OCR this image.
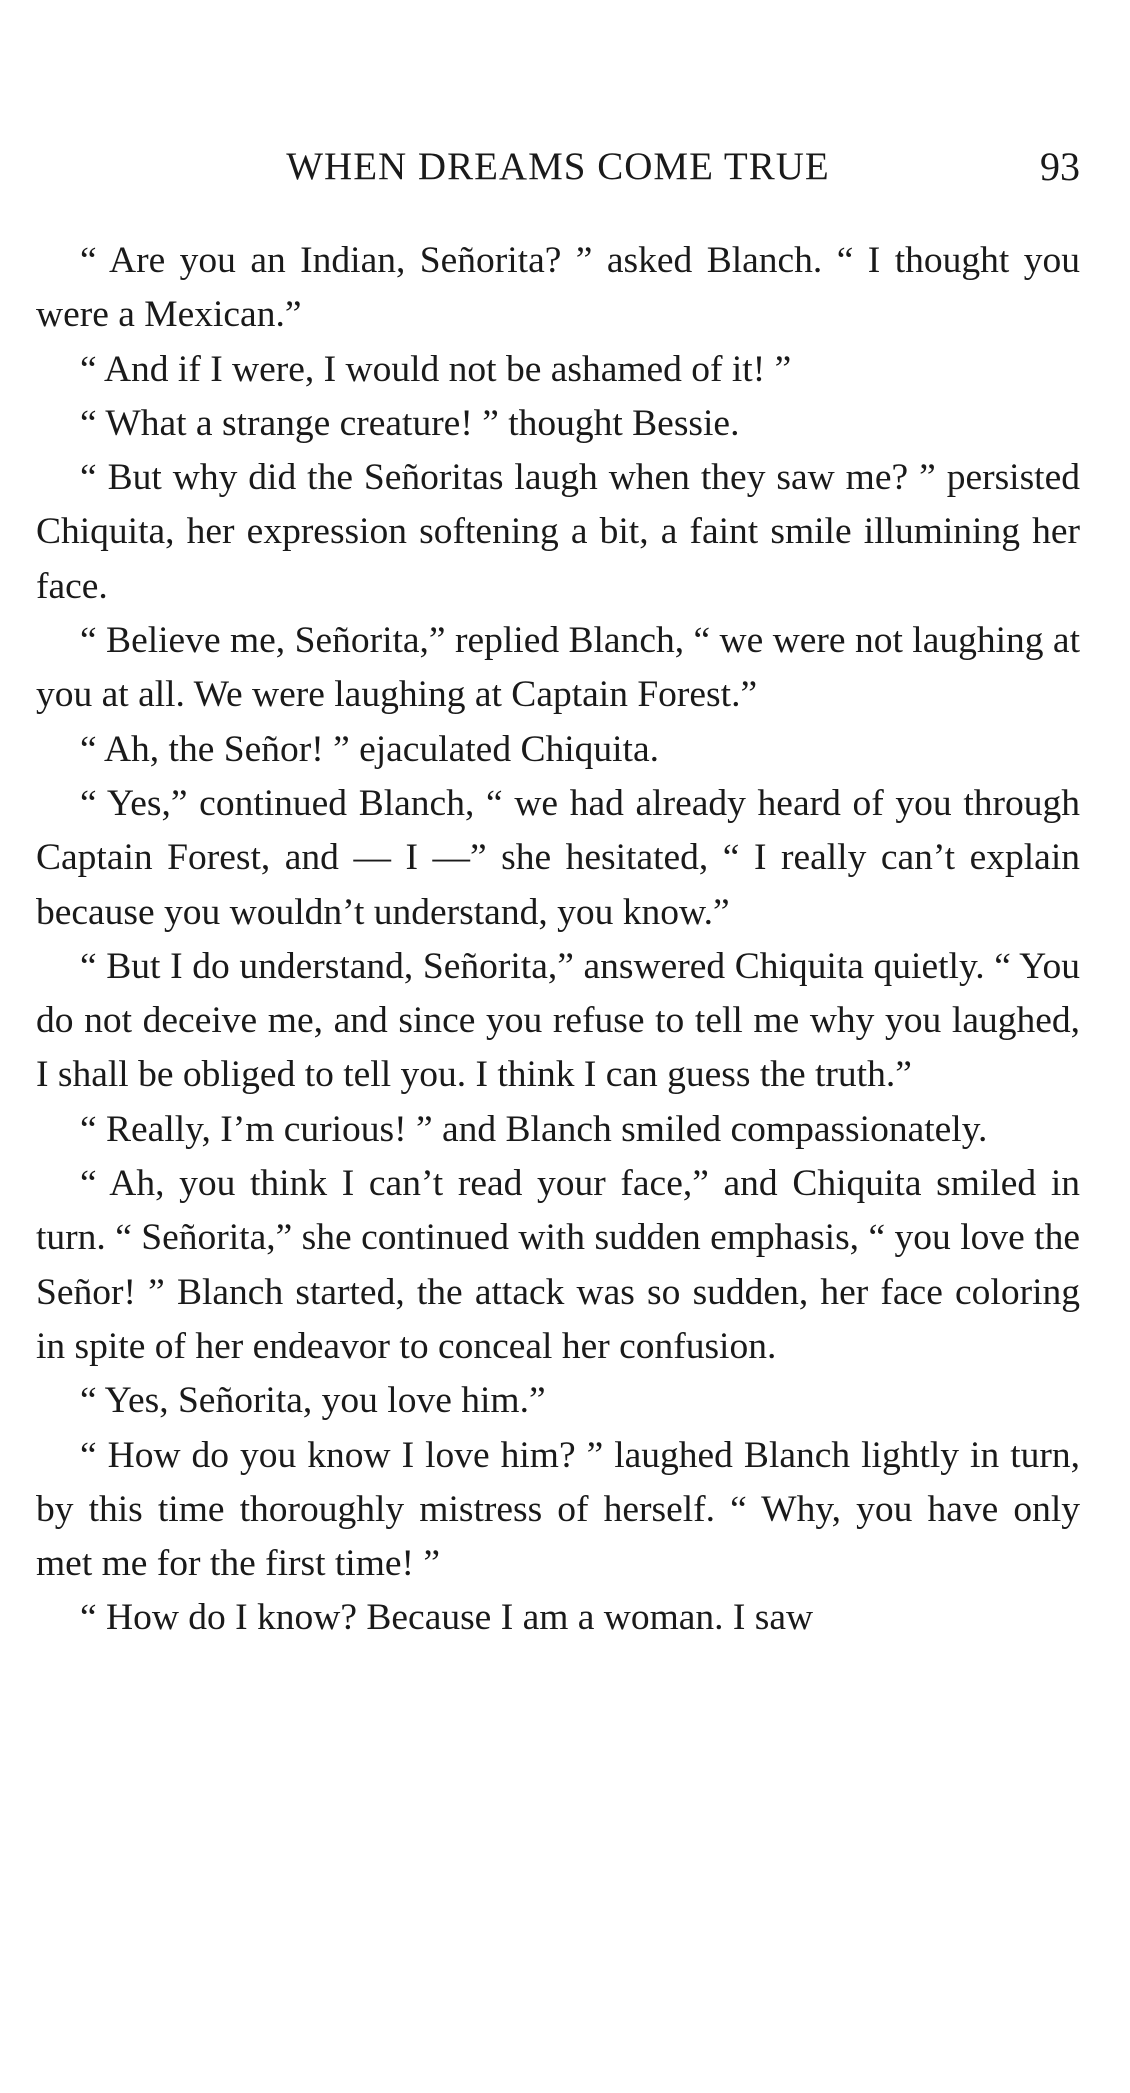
WHEN DREAMS COME TRUE	93

“ Are you an Indian, Señorita? ” asked Blanch. “ I thought you were a Mexican.”

“ And if I were, I would not be ashamed of it! ”

“ What a strange creature! ” thought Bessie.

“ But why did the Señoritas laugh when they saw me? ” persisted Chiquita, her expression softening a bit, a faint smile illumining her face.

“ Believe me, Señorita,” replied Blanch, “ we were not laughing at you at all. We were laughing at Captain Forest.”

“ Ah, the Señor! ” ejaculated Chiquita.

“ Yes,” continued Blanch, “ we had already heard of you through Captain Forest, and — I —” she hesitated, “ I really can’t explain because you wouldn’t understand, you know.”

“ But I do understand, Señorita,” answered Chiquita quietly. “ You do not deceive me, and since you refuse to tell me why you laughed, I shall be obliged to tell you. I think I can guess the truth.”

“ Really, I’m curious! ” and Blanch smiled compassionately.

“ Ah, you think I can’t read your face,” and Chiquita smiled in turn. “ Señorita,” she continued with sudden emphasis, “ you love the Señor! ” Blanch started, the attack was so sudden, her face coloring in spite of her endeavor to conceal her confusion.

“ Yes, Señorita, you love him.”

“ How do you know I love him? ” laughed Blanch lightly in turn, by this time thoroughly mistress of herself. “ Why, you have only met me for the first time! ”

“ How do I know? Because I am a woman. I saw
